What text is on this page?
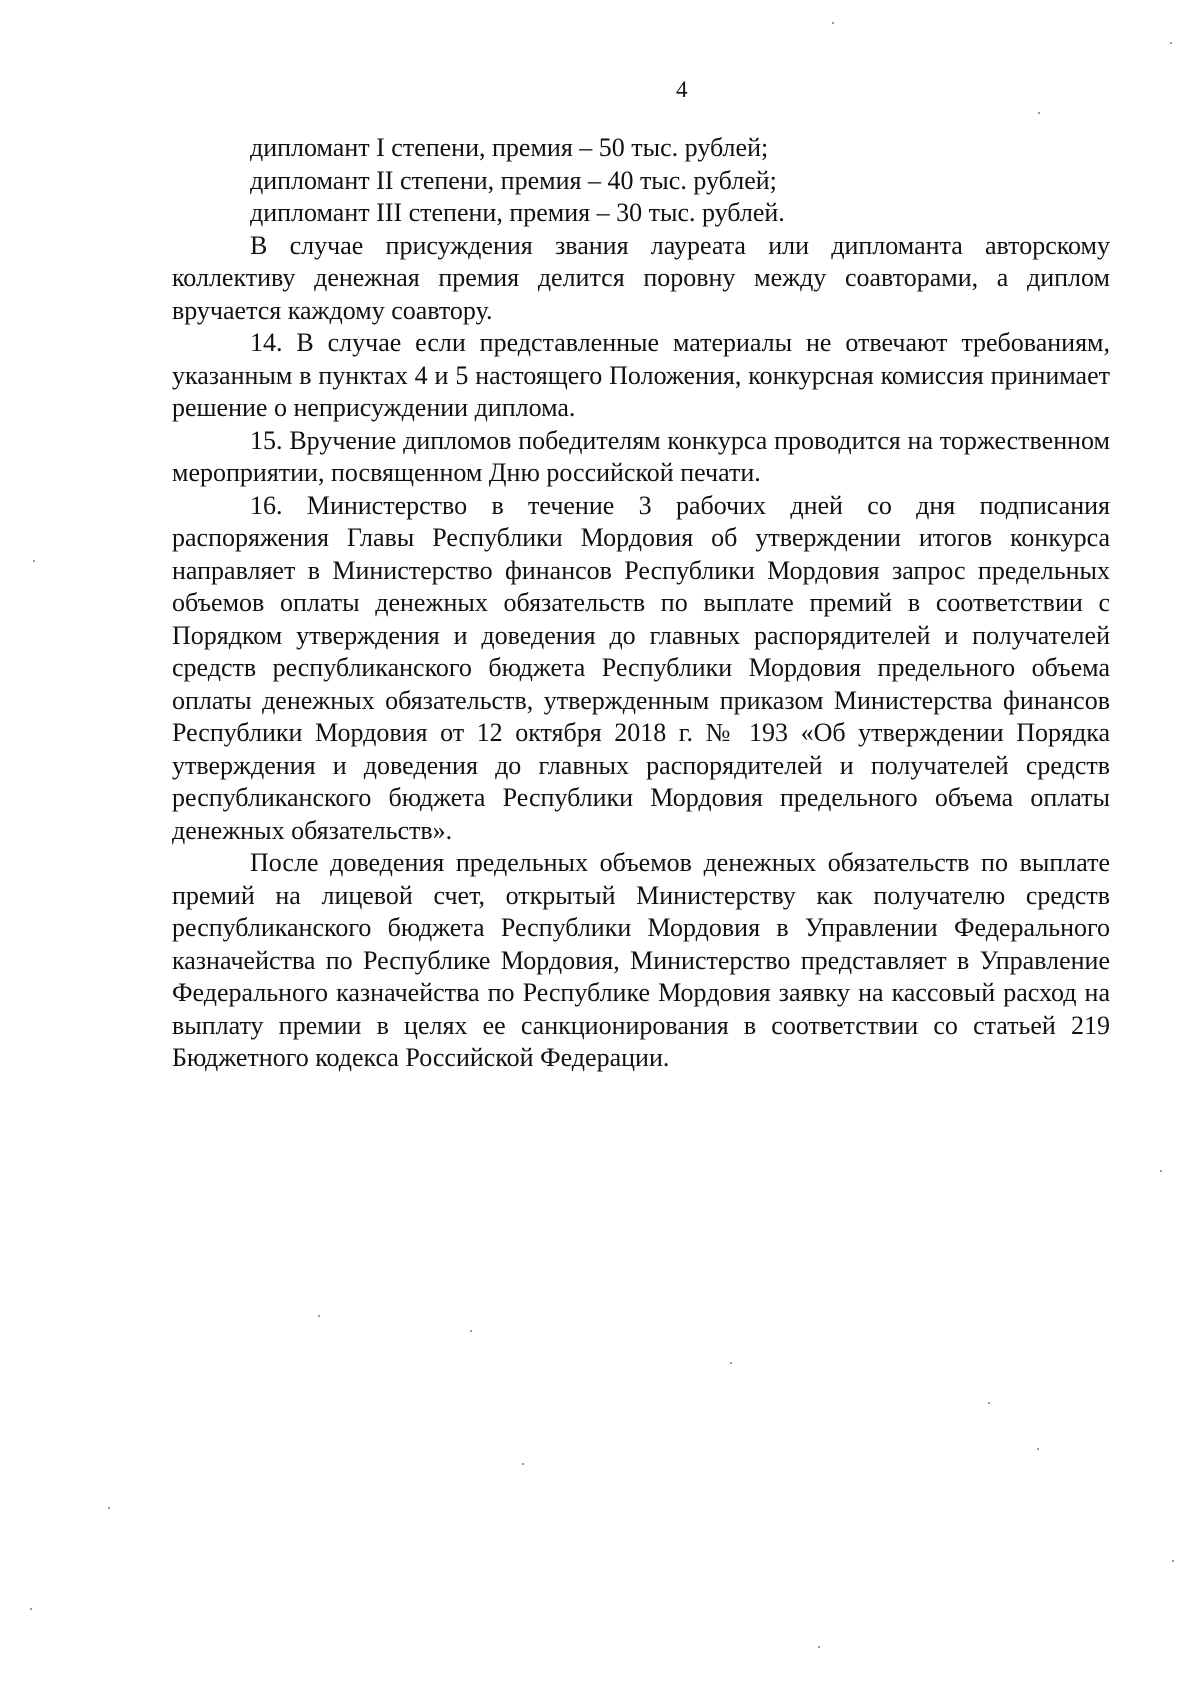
4

дипломант I степени, премия – 50 тыс. рублей;

дипломант II степени, премия – 40 тыс. рублей;

дипломант III степени, премия – 30 тыс. рублей.

В случае присуждения звания лауреата или дипломанта авторскому коллективу денежная премия делится поровну между соавторами, а диплом вручается каждому соавтору.

14. В случае если представленные материалы не отвечают требованиям, указанным в пунктах 4 и 5 настоящего Положения, конкурсная комиссия принимает решение о неприсуждении диплома.

15. Вручение дипломов победителям конкурса проводится на торжественном мероприятии, посвященном Дню российской печати.

16. Министерство в течение 3 рабочих дней со дня подписания распоряжения Главы Республики Мордовия об утверждении итогов конкурса направляет в Министерство финансов Республики Мордовия запрос предельных объемов оплаты денежных обязательств по выплате премий в соответствии с Порядком утверждения и доведения до главных распорядителей и получателей средств республиканского бюджета Республики Мордовия предельного объема оплаты денежных обязательств, утвержденным приказом Министерства финансов Республики Мордовия от 12 октября 2018 г. № 193 «Об утверждении Порядка утверждения и доведения до главных распорядителей и получателей средств республиканского бюджета Республики Мордовия предельного объема оплаты денежных обязательств».

После доведения предельных объемов денежных обязательств по выплате премий на лицевой счет, открытый Министерству как получателю средств республиканского бюджета Республики Мордовия в Управлении Федерального казначейства по Республике Мордовия, Министерство представляет в Управление Федерального казначейства по Республике Мордовия заявку на кассовый расход на выплату премии в целях ее санкционирования в соответствии со статьей 219 Бюджетного кодекса Российской Федерации.
